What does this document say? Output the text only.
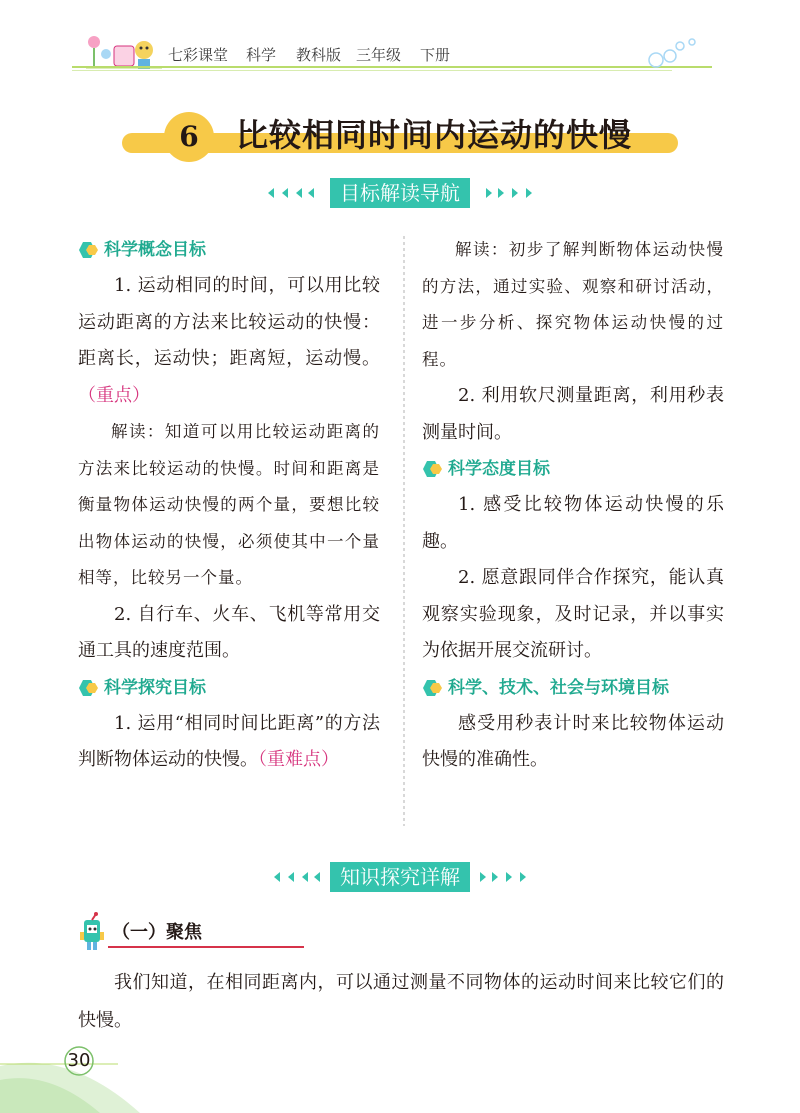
七彩课堂 科学 教科版 三年级 下册
6	比较相同时间内运动的快慢
目标解读导航
科学概念目标

1. 运动相同的时间，可以用比较运动距离的方法来比较运动的快慢：距离长，运动快；距离短，运动慢。（重点）

解读：知道可以用比较运动距离的方法来比较运动的快慢。时间和距离是衡量物体运动快慢的两个量，要想比较出物体运动的快慢，必须使其中一个量相等，比较另一个量。

2. 自行车、火车、飞机等常用交通工具的速度范围。

科学探究目标

1. 运用“相同时间比距离”的方法判断物体运动的快慢。（重难点）

解读：初步了解判断物体运动快慢的方法，通过实验、观察和研讨活动，进一步分析、探究物体运动快慢的过程。

2. 利用软尺测量距离，利用秒表测量时间。

科学态度目标

1. 感受比较物体运动快慢的乐趣。

2. 愿意跟同伴合作探究，能认真观察实验现象，及时记录，并以事实为依据开展交流研讨。

科学、技术、社会与环境目标

感受用秒表计时来比较物体运动快慢的准确性。

知识探究详解
（一）聚焦

我们知道，在相同距离内，可以通过测量不同物体的运动时间来比较它们的快慢。

30
